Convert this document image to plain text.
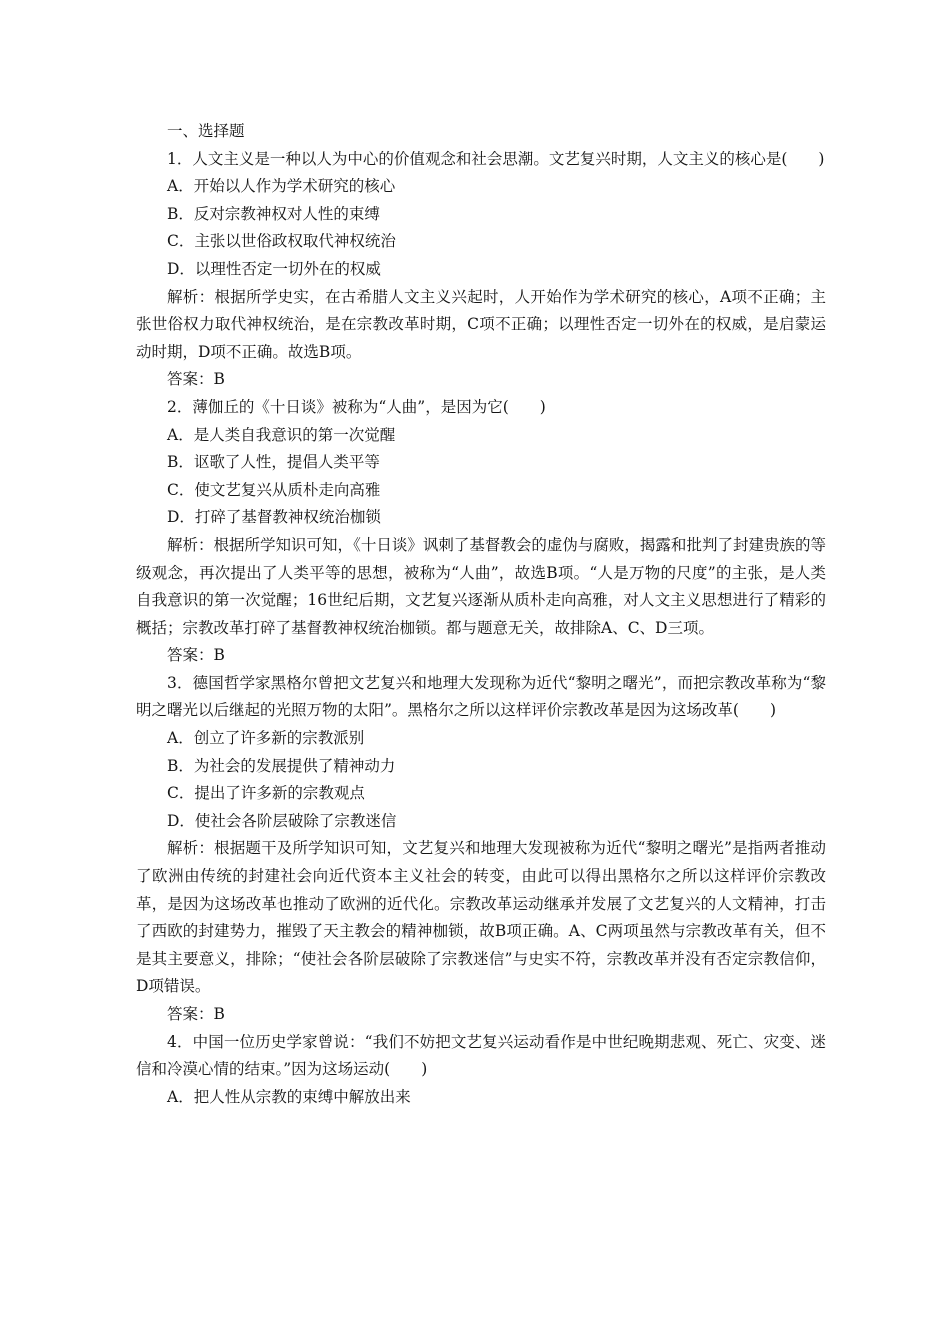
一、选择题

1．人文主义是一种以人为中心的价值观念和社会思潮。文艺复兴时期，人文主义的核心是(　　)

A．开始以人作为学术研究的核心

B．反对宗教神权对人性的束缚

C．主张以世俗政权取代神权统治

D．以理性否定一切外在的权威

解析：根据所学史实，在古希腊人文主义兴起时，人开始作为学术研究的核心，A项不正确；主张世俗权力取代神权统治，是在宗教改革时期，C项不正确；以理性否定一切外在的权威，是启蒙运动时期，D项不正确。故选B项。

答案：B

2．薄伽丘的《十日谈》被称为“人曲”，是因为它(　　)

A．是人类自我意识的第一次觉醒

B．讴歌了人性，提倡人类平等

C．使文艺复兴从质朴走向高雅

D．打碎了基督教神权统治枷锁

解析：根据所学知识可知，《十日谈》讽刺了基督教会的虚伪与腐败，揭露和批判了封建贵族的等级观念，再次提出了人类平等的思想，被称为“人曲”，故选B项。“人是万物的尺度”的主张，是人类自我意识的第一次觉醒；16世纪后期，文艺复兴逐渐从质朴走向高雅，对人文主义思想进行了精彩的概括；宗教改革打碎了基督教神权统治枷锁。都与题意无关，故排除A、C、D三项。

答案：B

3．德国哲学家黑格尔曾把文艺复兴和地理大发现称为近代“黎明之曙光”，而把宗教改革称为“黎明之曙光以后继起的光照万物的太阳”。黑格尔之所以这样评价宗教改革是因为这场改革(　　)

A．创立了许多新的宗教派别

B．为社会的发展提供了精神动力

C．提出了许多新的宗教观点

D．使社会各阶层破除了宗教迷信

解析：根据题干及所学知识可知，文艺复兴和地理大发现被称为近代“黎明之曙光”是指两者推动了欧洲由传统的封建社会向近代资本主义社会的转变，由此可以得出黑格尔之所以这样评价宗教改革，是因为这场改革也推动了欧洲的近代化。宗教改革运动继承并发展了文艺复兴的人文精神，打击了西欧的封建势力，摧毁了天主教会的精神枷锁，故B项正确。A、C两项虽然与宗教改革有关，但不是其主要意义，排除；“使社会各阶层破除了宗教迷信”与史实不符，宗教改革并没有否定宗教信仰，D项错误。

答案：B

4．中国一位历史学家曾说：“我们不妨把文艺复兴运动看作是中世纪晚期悲观、死亡、灾变、迷信和冷漠心情的结束。”因为这场运动(　　)

A．把人性从宗教的束缚中解放出来
